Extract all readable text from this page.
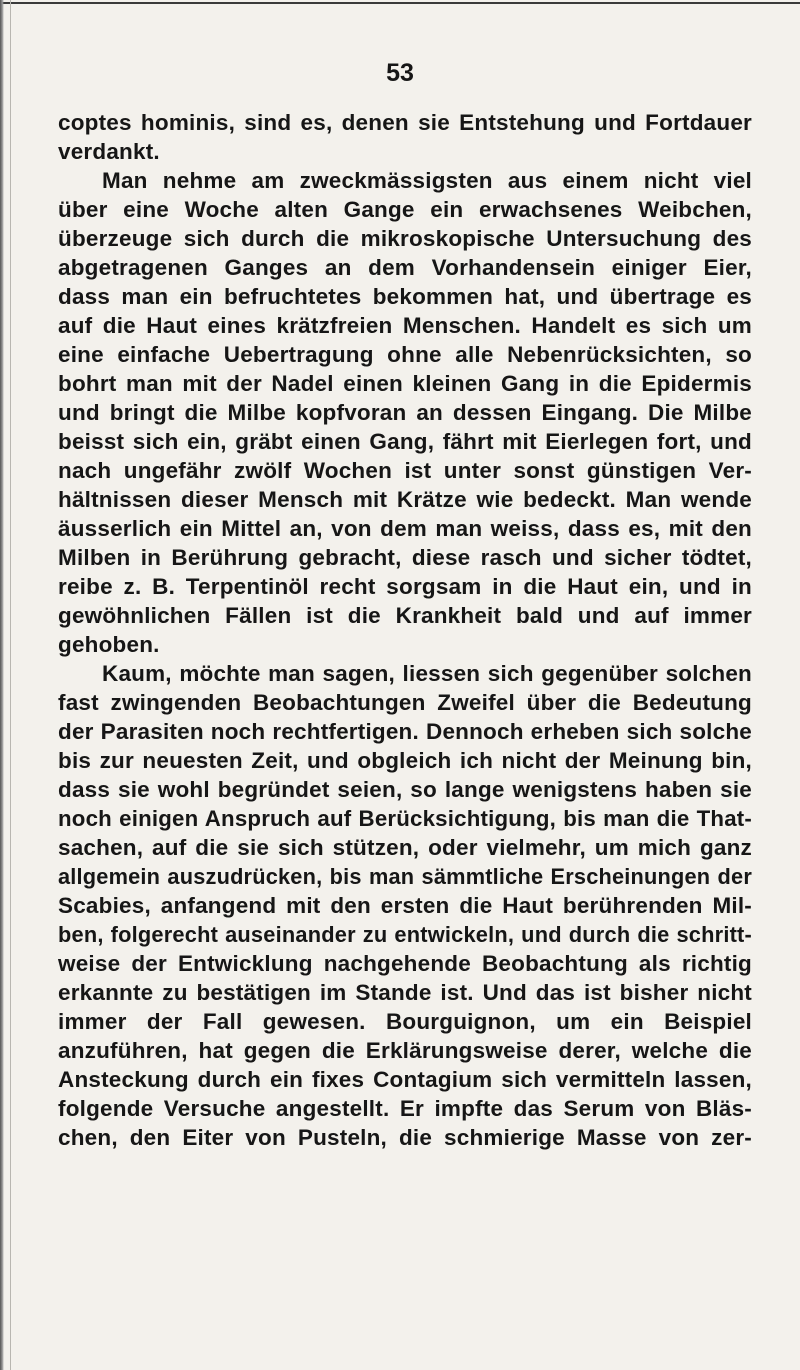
53
coptes hominis, sind es, denen sie Entstehung und Fortdauer
verdankt.
Man nehme am zweckmässigsten aus einem nicht viel
über eine Woche alten Gange ein erwachsenes Weibchen,
überzeuge sich durch die mikroskopische Untersuchung des
abgetragenen Ganges an dem Vorhandensein einiger Eier,
dass man ein befruchtetes bekommen hat, und übertrage es
auf die Haut eines krätzfreien Menschen. Handelt es sich um
eine einfache Uebertragung ohne alle Nebenrücksichten, so
bohrt man mit der Nadel einen kleinen Gang in die Epidermis
und bringt die Milbe kopfvoran an dessen Eingang. Die Milbe
beisst sich ein, gräbt einen Gang, fährt mit Eierlegen fort, und
nach ungefähr zwölf Wochen ist unter sonst günstigen Ver-
hältnissen dieser Mensch mit Krätze wie bedeckt. Man wende
äusserlich ein Mittel an, von dem man weiss, dass es, mit den
Milben in Berührung gebracht, diese rasch und sicher tödtet,
reibe z. B. Terpentinöl recht sorgsam in die Haut ein, und in
gewöhnlichen Fällen ist die Krankheit bald und auf immer
gehoben.
Kaum, möchte man sagen, liessen sich gegenüber solchen
fast zwingenden Beobachtungen Zweifel über die Bedeutung
der Parasiten noch rechtfertigen. Dennoch erheben sich solche
bis zur neuesten Zeit, und obgleich ich nicht der Meinung bin,
dass sie wohl begründet seien, so lange wenigstens haben sie
noch einigen Anspruch auf Berücksichtigung, bis man die That-
sachen, auf die sie sich stützen, oder vielmehr, um mich ganz
allgemein auszudrücken, bis man sämmtliche Erscheinungen der
Scabies, anfangend mit den ersten die Haut berührenden Mil-
ben, folgerecht auseinander zu entwickeln, und durch die schritt-
weise der Entwicklung nachgehende Beobachtung als richtig
erkannte zu bestätigen im Stande ist. Und das ist bisher nicht
immer der Fall gewesen. Bourguignon, um ein Beispiel
anzuführen, hat gegen die Erklärungsweise derer, welche die
Ansteckung durch ein fixes Contagium sich vermitteln lassen,
folgende Versuche angestellt. Er impfte das Serum von Bläs-
chen, den Eiter von Pusteln, die schmierige Masse von zer-
